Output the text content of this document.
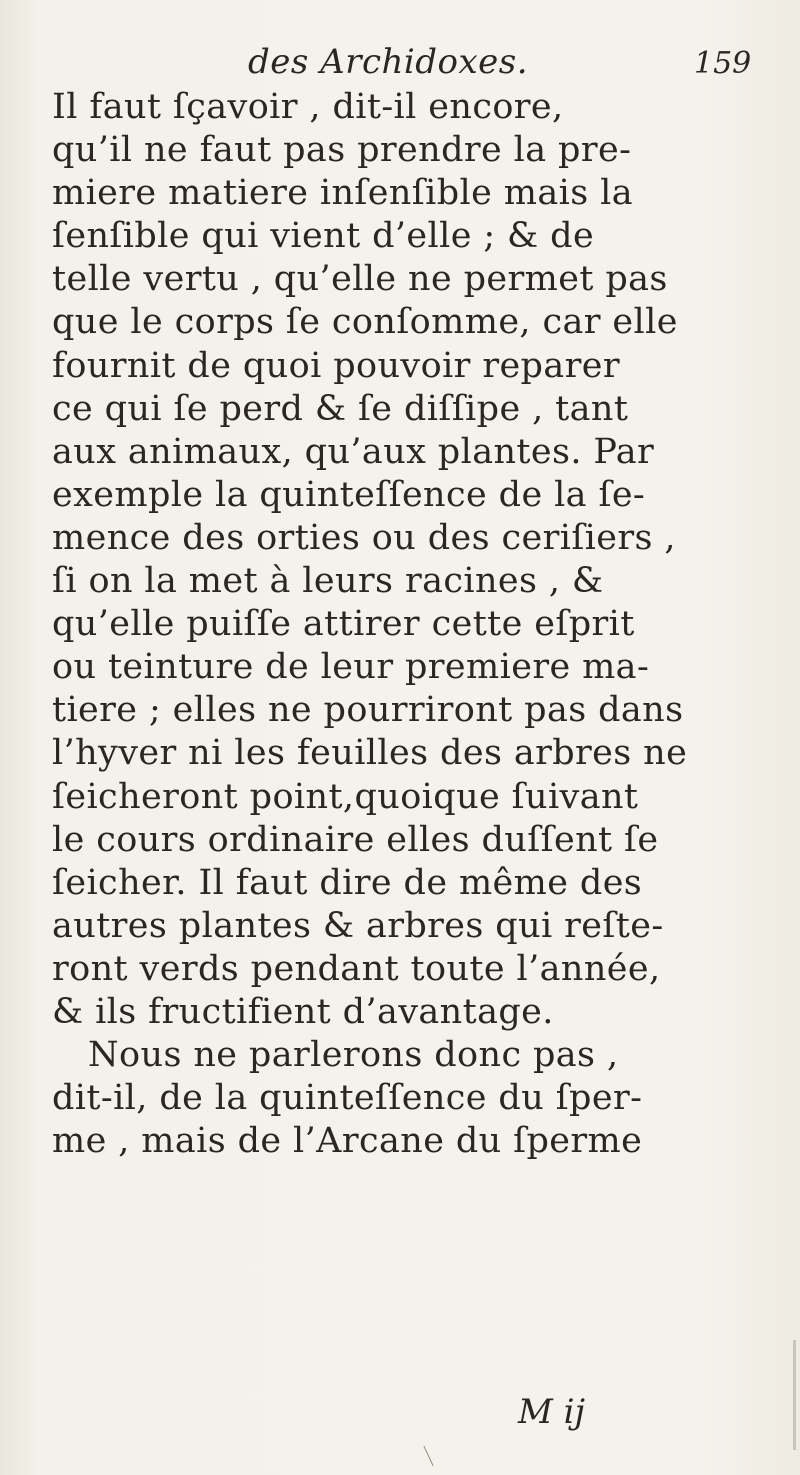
des Archidoxes.	159
Il faut ſçavoir , dit-il encore,
qu’il ne faut pas prendre la pre-
miere matiere inſenſible mais la
ſenſible qui vient d’elle ; & de
telle vertu , qu’elle ne permet pas
que le corps ſe conſomme, car elle
fournit de quoi pouvoir reparer
ce qui ſe perd & ſe diſſipe , tant
aux animaux, qu’aux plantes. Par
exemple la quinteſſence de la ſe-
mence des orties ou des ceriſiers ,
ſi on la met à leurs racines , &
qu’elle puiſſe attirer cette eſprit
ou teinture de leur premiere ma-
tiere ; elles ne pourriront pas dans
l’hyver ni les feuilles des arbres ne
ſeicheront point,quoique ſuivant
le cours ordinaire elles duſſent ſe
ſeicher. Il faut dire de même des
autres plantes & arbres qui reſte-
ront verds pendant toute l’année,
& ils fructifient d’avantage.
Nous ne parlerons donc pas ,
dit-il, de la quinteſſence du ſper-
me , mais de l’Arcane du ſperme
M ij
